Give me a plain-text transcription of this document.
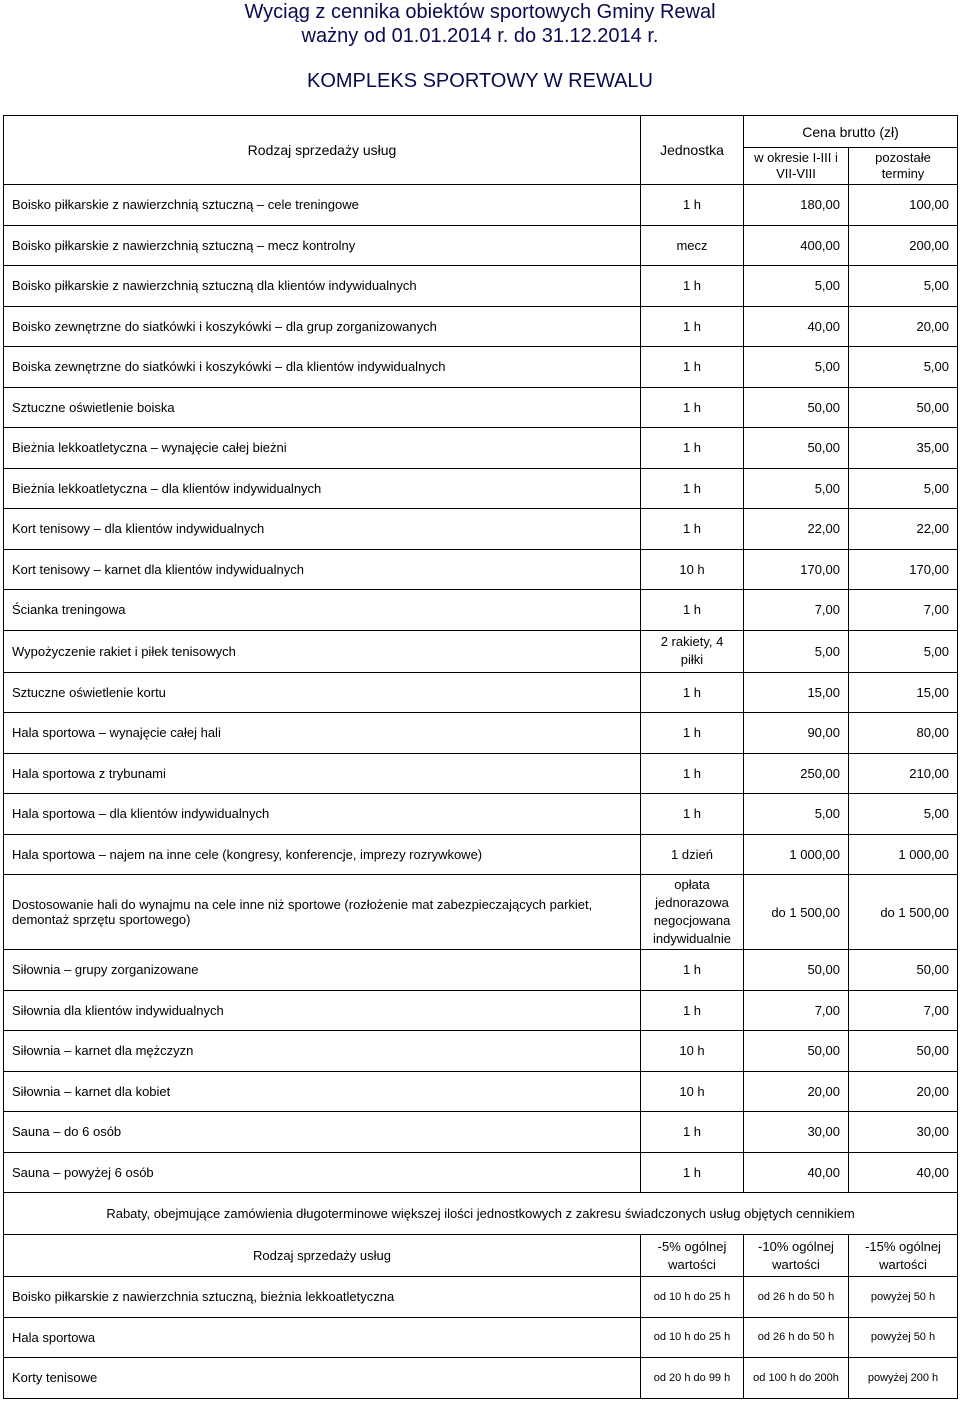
Wyciąg z cennika obiektów sportowych Gminy Rewal
ważny od 01.01.2014 r. do 31.12.2014 r.
KOMPLEKS SPORTOWY W REWALU
Rodzaj sprzedaży usług	Jednostka	Cena brutto (zł)	
		w okresie I-III i VII-VIII	pozostałe terminy
Boisko piłkarskie z nawierzchnią sztuczną – cele treningowe	1 h	180,00	100,00
Boisko piłkarskie z nawierzchnią sztuczną – mecz kontrolny	mecz	400,00	200,00
Boisko piłkarskie z nawierzchnią sztuczną dla klientów indywidualnych	1 h	5,00	5,00
Boisko zewnętrzne do siatkówki i koszykówki – dla grup zorganizowanych	1 h	40,00	20,00
Boiska zewnętrzne do siatkówki i koszykówki – dla klientów indywidualnych	1 h	5,00	5,00
Sztuczne oświetlenie boiska	1 h	50,00	50,00
Bieżnia lekkoatletyczna – wynajęcie całej bieżni	1 h	50,00	35,00
Bieżnia lekkoatletyczna – dla klientów indywidualnych	1 h	5,00	5,00
Kort tenisowy – dla klientów indywidualnych	1 h	22,00	22,00
Kort tenisowy – karnet dla klientów indywidualnych	10 h	170,00	170,00
Ścianka treningowa	1 h	7,00	7,00
Wypożyczenie rakiet i piłek tenisowych	2 rakiety, 4 piłki	5,00	5,00
Sztuczne oświetlenie kortu	1 h	15,00	15,00
Hala sportowa – wynajęcie całej hali	1 h	90,00	80,00
Hala sportowa z trybunami	1 h	250,00	210,00
Hala sportowa – dla klientów indywidualnych	1 h	5,00	5,00
Hala sportowa – najem na inne cele (kongresy, konferencje, imprezy rozrywkowe)	1 dzień	1 000,00	1 000,00
Dostosowanie hali do wynajmu na cele inne niż sportowe (rozłożenie mat zabezpieczających parkiet, demontaż sprzętu sportowego)	opłata jednorazowa negocjowana indywidualnie	do 1 500,00	do 1 500,00
Siłownia – grupy zorganizowane	1 h	50,00	50,00
Siłownia dla klientów indywidualnych	1 h	7,00	7,00
Siłownia – karnet dla mężczyzn	10 h	50,00	50,00
Siłownia – karnet dla kobiet	10 h	20,00	20,00
Sauna – do 6 osób	1 h	30,00	30,00
Sauna – powyżej 6 osób	1 h	40,00	40,00
Rabaty, obejmujące zamówienia długoterminowe większej ilości jednostkowych z zakresu świadczonych usług objętych cennikiem			
Rodzaj sprzedaży usług	-5% ogólnej wartości	-10% ogólnej wartości	-15% ogólnej wartości
Boisko piłkarskie z nawierzchnia sztuczną, bieżnia lekkoatletyczna	od 10 h do 25 h	od 26 h do 50 h	powyżej 50 h
Hala sportowa	od 10 h do 25 h	od 26 h do 50 h	powyżej 50 h
Korty tenisowe	od 20 h do 99 h	od 100 h do 200h	powyżej 200 h
